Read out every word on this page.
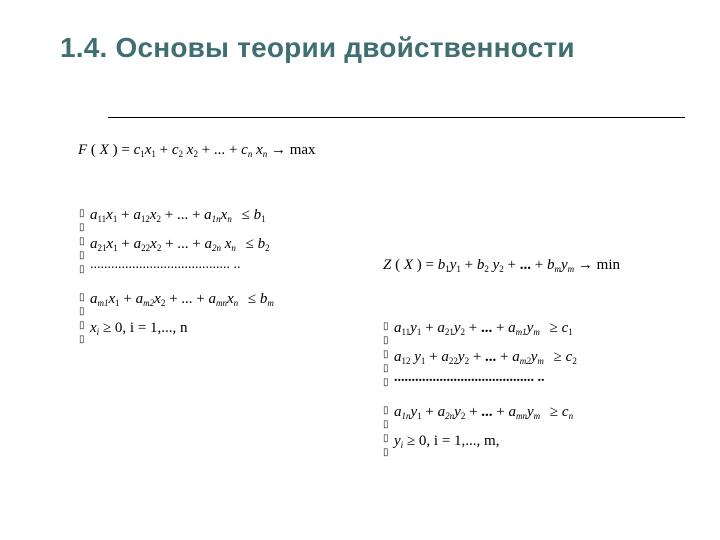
1.4. Основы теории двойственности
F ( X ) = $c_1x_1 + c_2$ $x_2$ + ... + $c_n$ $x_n \to \max$
▯
▯
▯
▯
▯
▯
▯
▯
▯
$a_{11}x_1 + a_{12}x_2$ + ... + $a_{1n}x_n \le b_1$
$a_{21}x_1 + a_{22}x_2$ + ... + $a_{2n}$ $x_n \le b_2$
........................................ ..
$a_{m1}x_1 + a_{m2}x_2$ + ... + $a_{mn}x_n \le b_m$
$x_i \ge 0$, i = 1,..., n
Z ( X ) = $b_1y_1 + b_2$ $y_2$ + ... + $b_my_m \to \min$
▯
▯
▯
▯
▯
▯
▯
▯
▯
$a_{11}y_1 + a_{21}y_2$ + ... + $a_{m1}y_m \ge c_1$
$a_{12}$ $y_1 + a_{22}y_2$ + ... + $a_{m2}y_m \ge c_2$
........................................ ..
$a_{1n}y_1 + a_{2n}y_2$ + ... + $a_{mn}y_m \ge c_n$
$y_i \ge 0$, i = 1,..., m,
